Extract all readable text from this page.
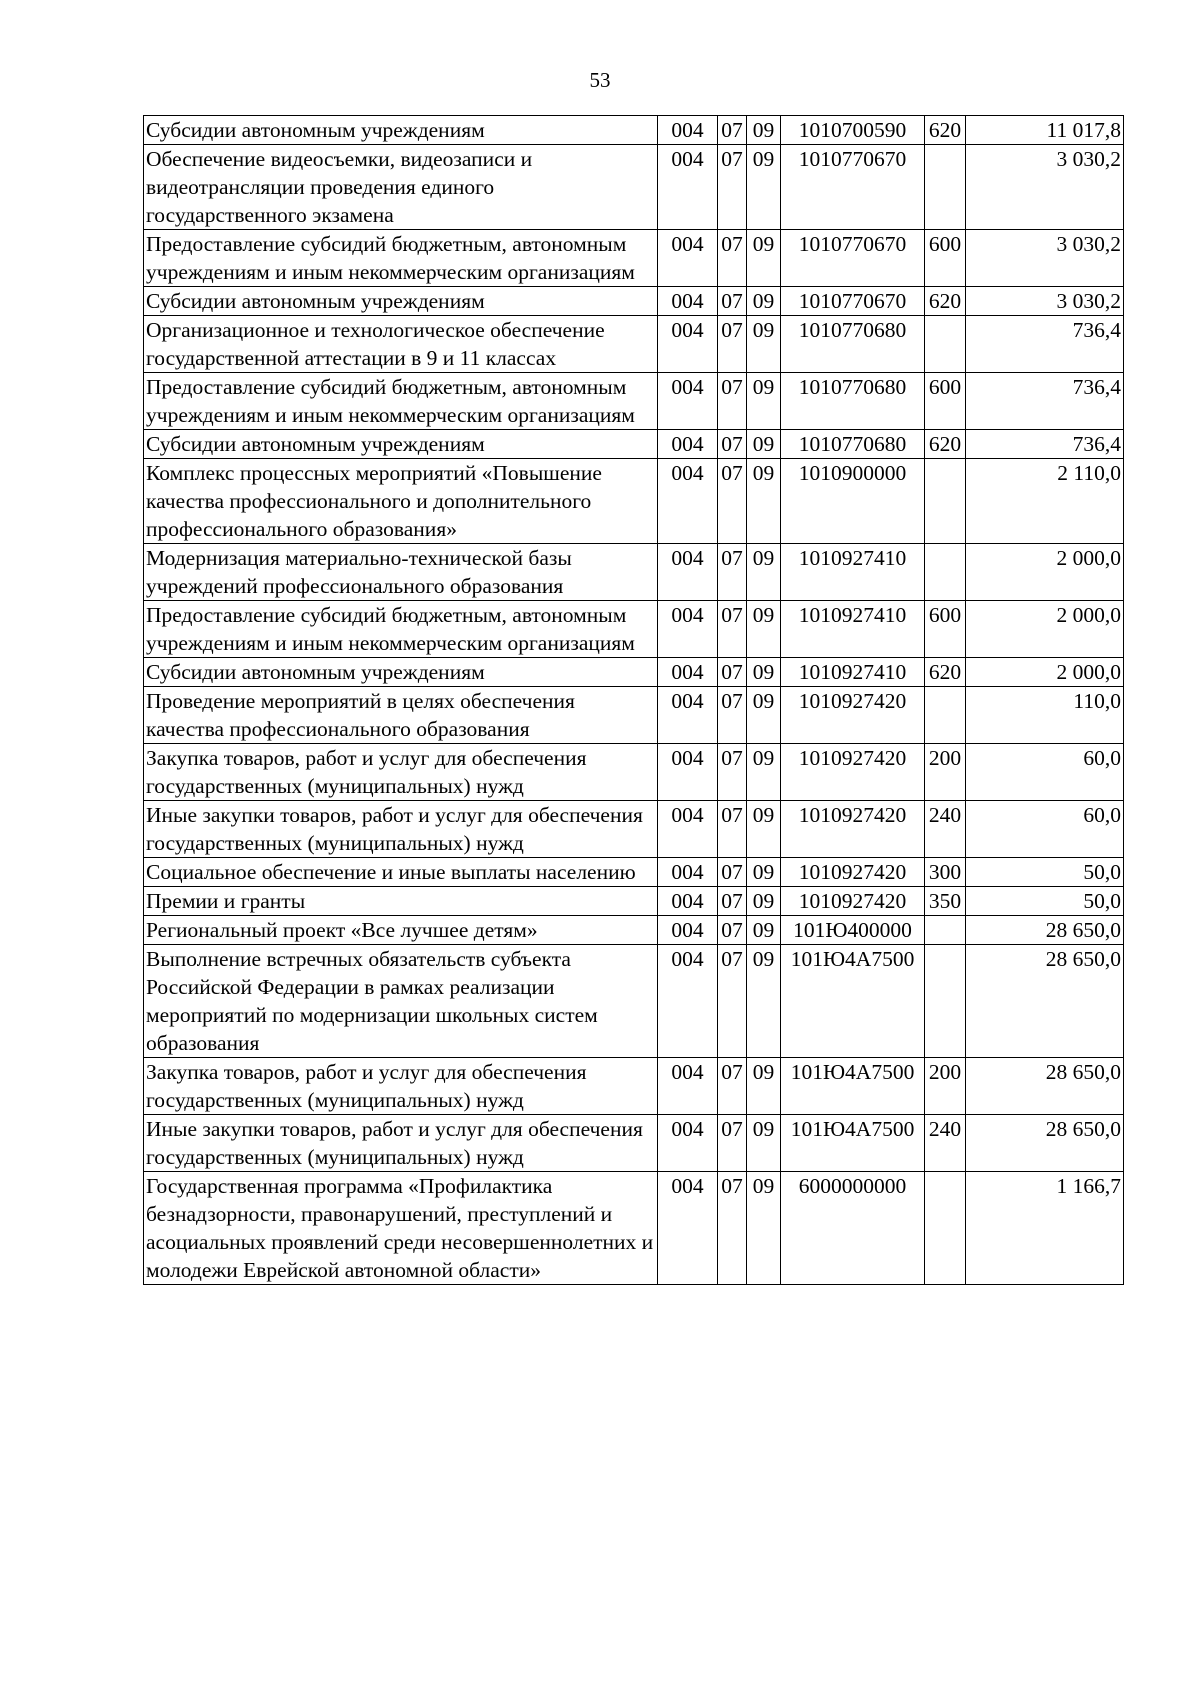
53
Субсидии автономным учреждениям	004	07	09	1010700590	620	11 017,8
Обеспечение видеосъемки, видеозаписи и видеотрансляции проведения единого государственного экзамена	004	07	09	1010770670		3 030,2
Предоставление субсидий бюджетным, автономным учреждениям и иным некоммерческим организациям	004	07	09	1010770670	600	3 030,2
Субсидии автономным учреждениям	004	07	09	1010770670	620	3 030,2
Организационное и технологическое обеспечение государственной аттестации в 9 и 11 классах	004	07	09	1010770680		736,4
Предоставление субсидий бюджетным, автономным учреждениям и иным некоммерческим организациям	004	07	09	1010770680	600	736,4
Субсидии автономным учреждениям	004	07	09	1010770680	620	736,4
Комплекс процессных мероприятий «Повышение качества профессионального и дополнительного профессионального образования»	004	07	09	1010900000		2 110,0
Модернизация материально-технической базы учреждений профессионального образования	004	07	09	1010927410		2 000,0
Предоставление субсидий бюджетным, автономным учреждениям и иным некоммерческим организациям	004	07	09	1010927410	600	2 000,0
Субсидии автономным учреждениям	004	07	09	1010927410	620	2 000,0
Проведение мероприятий в целях обеспечения качества профессионального образования	004	07	09	1010927420		110,0
Закупка товаров, работ и услуг для обеспечения государственных (муниципальных) нужд	004	07	09	1010927420	200	60,0
Иные закупки товаров, работ и услуг для обеспечения государственных (муниципальных) нужд	004	07	09	1010927420	240	60,0
Социальное обеспечение и иные выплаты населению	004	07	09	1010927420	300	50,0
Премии и гранты	004	07	09	1010927420	350	50,0
Региональный проект «Все лучшее детям»	004	07	09	101Ю400000		28 650,0
Выполнение встречных обязательств субъекта Российской Федерации в рамках реализации мероприятий по модернизации школьных систем образования	004	07	09	101Ю4А7500		28 650,0
Закупка товаров, работ и услуг для обеспечения государственных (муниципальных) нужд	004	07	09	101Ю4А7500	200	28 650,0
Иные закупки товаров, работ и услуг для обеспечения государственных (муниципальных) нужд	004	07	09	101Ю4А7500	240	28 650,0
Государственная программа «Профилактика безнадзорности, правонарушений, преступлений и асоциальных проявлений среди несовершеннолетних и молодежи Еврейской автономной области»	004	07	09	6000000000		1 166,7
